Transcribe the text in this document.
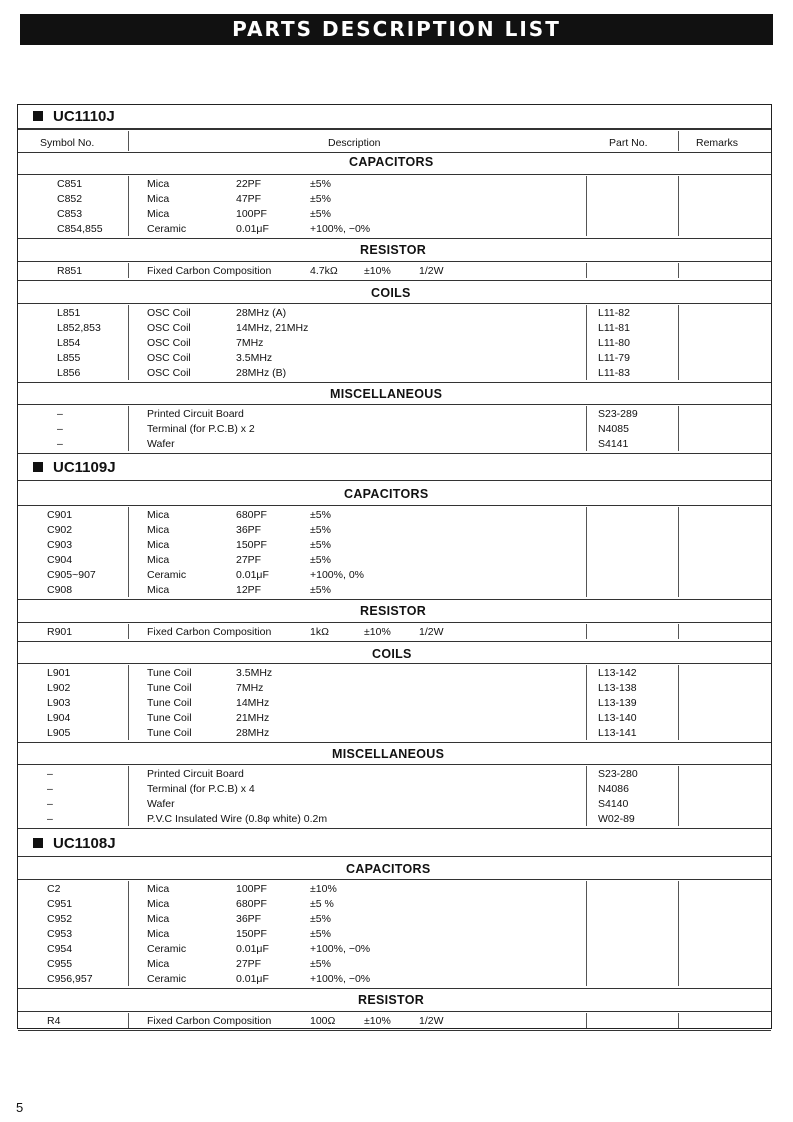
PARTS DESCRIPTION LIST
Symbol No.	Description	Part No.	Remarks
UC1110J
CAPACITORS
C851	Mica	22PF	±5%
C852	Mica	47PF	±5%
C853	Mica	100PF	±5%
C854,855	Ceramic	0.01μF	+100%, −0%
RESISTOR
R851	Fixed Carbon Composition	4.7kΩ	±10%	1/2W
COILS
L851	OSC Coil	28MHz (A)	L11-82
L852,853	OSC Coil	14MHz, 21MHz	L11-81
L854	OSC Coil	7MHz	L11-80
L855	OSC Coil	3.5MHz	L11-79
L856	OSC Coil	28MHz (B)	L11-83
MISCELLANEOUS
–	Printed Circuit Board	S23-289
–	Terminal (for P.C.B) x 2	N4085
–	Wafer	S4141
UC1109J
CAPACITORS
C901	Mica	680PF	±5%
C902	Mica	36PF	±5%
C903	Mica	150PF	±5%
C904	Mica	27PF	±5%
C905~907	Ceramic	0.01μF	+100%, 0%
C908	Mica	12PF	±5%
RESISTOR
R901	Fixed Carbon Composition	1kΩ	±10%	1/2W
COILS
L901	Tune Coil	3.5MHz	L13-142
L902	Tune Coil	7MHz	L13-138
L903	Tune Coil	14MHz	L13-139
L904	Tune Coil	21MHz	L13-140
L905	Tune Coil	28MHz	L13-141
MISCELLANEOUS
–	Printed Circuit Board	S23-280
–	Terminal (for P.C.B) x 4	N4086
–	Wafer	S4140
–	P.V.C Insulated Wire (0.8φ white) 0.2m	W02-89
UC1108J
CAPACITORS
C2	Mica	100PF	±10%
C951	Mica	680PF	±5 %
C952	Mica	36PF	±5%
C953	Mica	150PF	±5%
C954	Ceramic	0.01μF	+100%, −0%
C955	Mica	27PF	±5%
C956,957	Ceramic	0.01μF	+100%, −0%
RESISTOR
R4	Fixed Carbon Composition	100Ω	±10%	1/2W
5
